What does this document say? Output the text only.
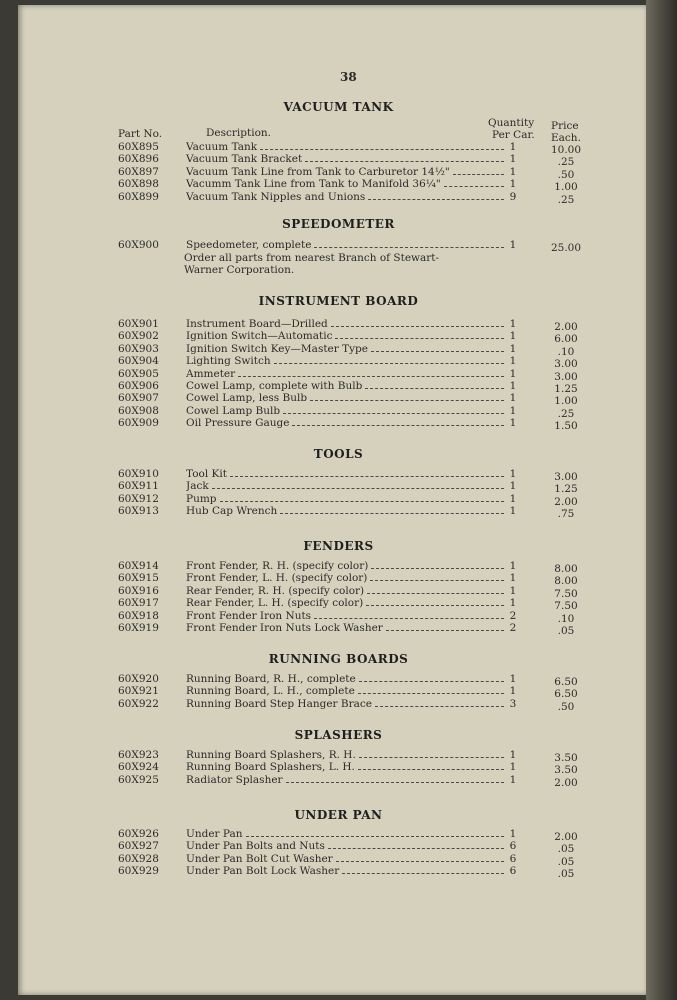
38
Part No.	Description.
Quantity
Per Car.
Price
Each.
VACUUM TANK
60X895	Vacuum Tank	1	10.00
60X896	Vacuum Tank Bracket	1	.25
60X897	Vacuum Tank Line from Tank to Carburetor 14½"	1	.50
60X898	Vacumm Tank Line from Tank to Manifold 36¼"	1	1.00
60X899	Vacuum Tank Nipples and Unions	9	.25
SPEEDOMETER
60X900	Speedometer, complete	1	25.00
Order all parts from nearest Branch of Stewart-
Warner Corporation.
INSTRUMENT BOARD
60X901	Instrument Board—Drilled	1	2.00
60X902	Ignition Switch—Automatic	1	6.00
60X903	Ignition Switch Key—Master Type	1	.10
60X904	Lighting Switch	1	3.00
60X905	Ammeter	1	3.00
60X906	Cowel Lamp, complete with Bulb	1	1.25
60X907	Cowel Lamp, less Bulb	1	1.00
60X908	Cowel Lamp Bulb	1	.25
60X909	Oil Pressure Gauge	1	1.50
TOOLS
60X910	Tool Kit	1	3.00
60X911	Jack	1	1.25
60X912	Pump	1	2.00
60X913	Hub Cap Wrench	1	.75
FENDERS
60X914	Front Fender, R. H. (specify color)	1	8.00
60X915	Front Fender, L. H. (specify color)	1	8.00
60X916	Rear Fender, R. H. (specify color)	1	7.50
60X917	Rear Fender, L. H. (specify color)	1	7.50
60X918	Front Fender Iron Nuts	2	.10
60X919	Front Fender Iron Nuts Lock Washer	2	.05
RUNNING BOARDS
60X920	Running Board, R. H., complete	1	6.50
60X921	Running Board, L. H., complete	1	6.50
60X922	Running Board Step Hanger Brace	3	.50
SPLASHERS
60X923	Running Board Splashers, R. H.	1	3.50
60X924	Running Board Splashers, L. H.	1	3.50
60X925	Radiator Splasher	1	2.00
UNDER PAN
60X926	Under Pan	1	2.00
60X927	Under Pan Bolts and Nuts	6	.05
60X928	Under Pan Bolt Cut Washer	6	.05
60X929	Under Pan Bolt Lock Washer	6	.05
